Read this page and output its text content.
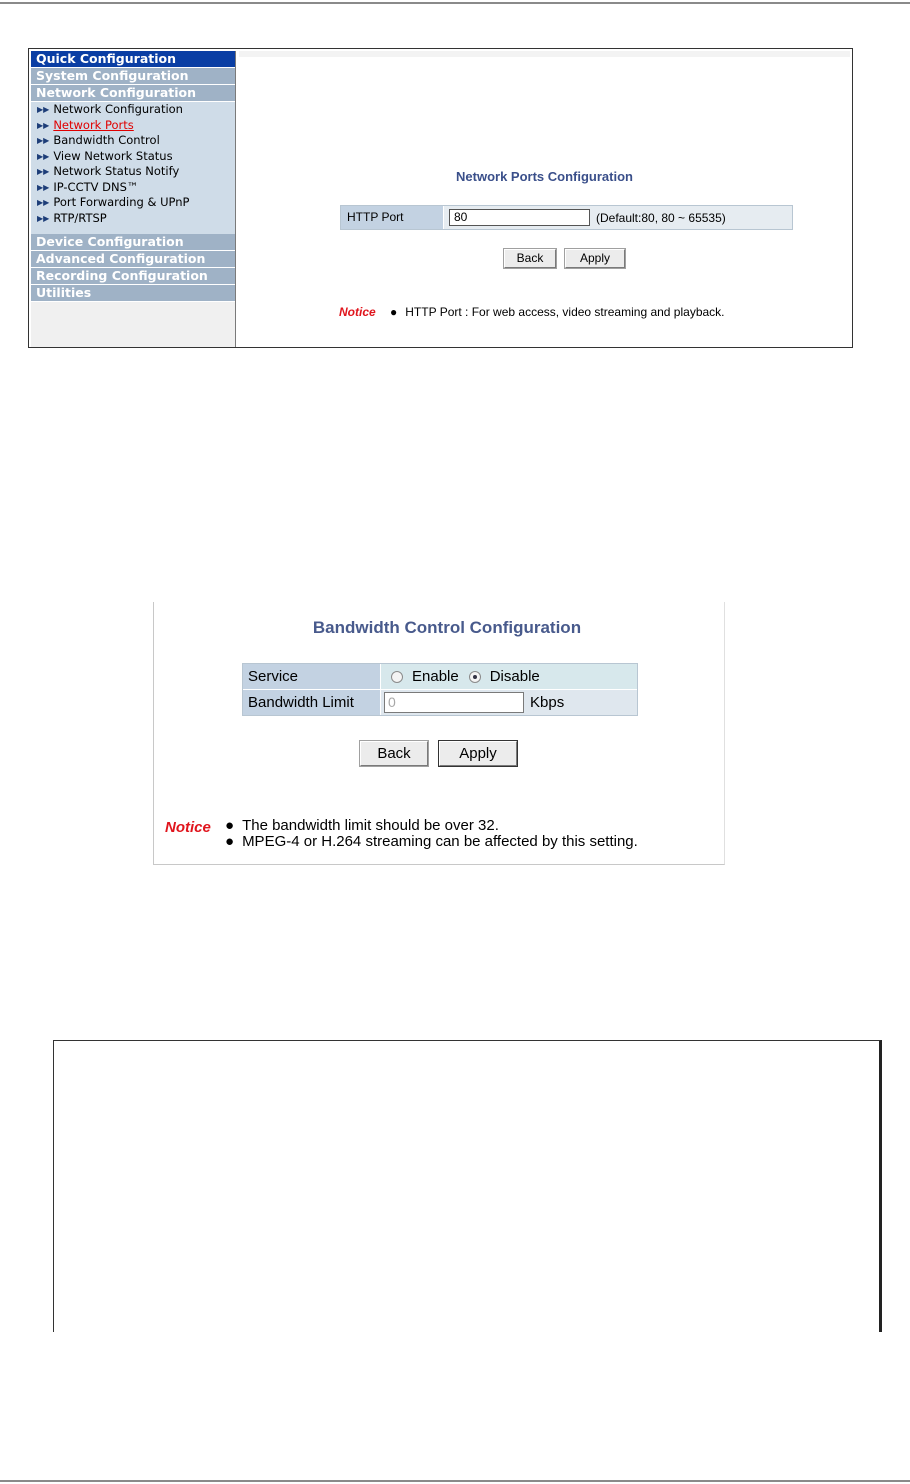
Quick Configuration
System Configuration
Network Configuration
▶▶ Network Configuration
▶▶ Network Ports
▶▶ Bandwidth Control
▶▶ View Network Status
▶▶ Network Status Notify
▶▶ IP-CCTV DNS™
▶▶ Port Forwarding & UPnP
▶▶ RTP/RTSP
Device Configuration
Advanced Configuration
Recording Configuration
Utilities
Network Ports Configuration
HTTP Port	80	(Default:80, 80 ~ 65535)
Back	Apply
Notice ● HTTP Port : For web access, video streaming and playback.
Bandwidth Control Configuration
Service	Enable Disable
Bandwidth Limit	0	Kbps
Back	Apply
Notice ● The bandwidth limit should be over 32.
● MPEG-4 or H.264 streaming can be affected by this setting.
